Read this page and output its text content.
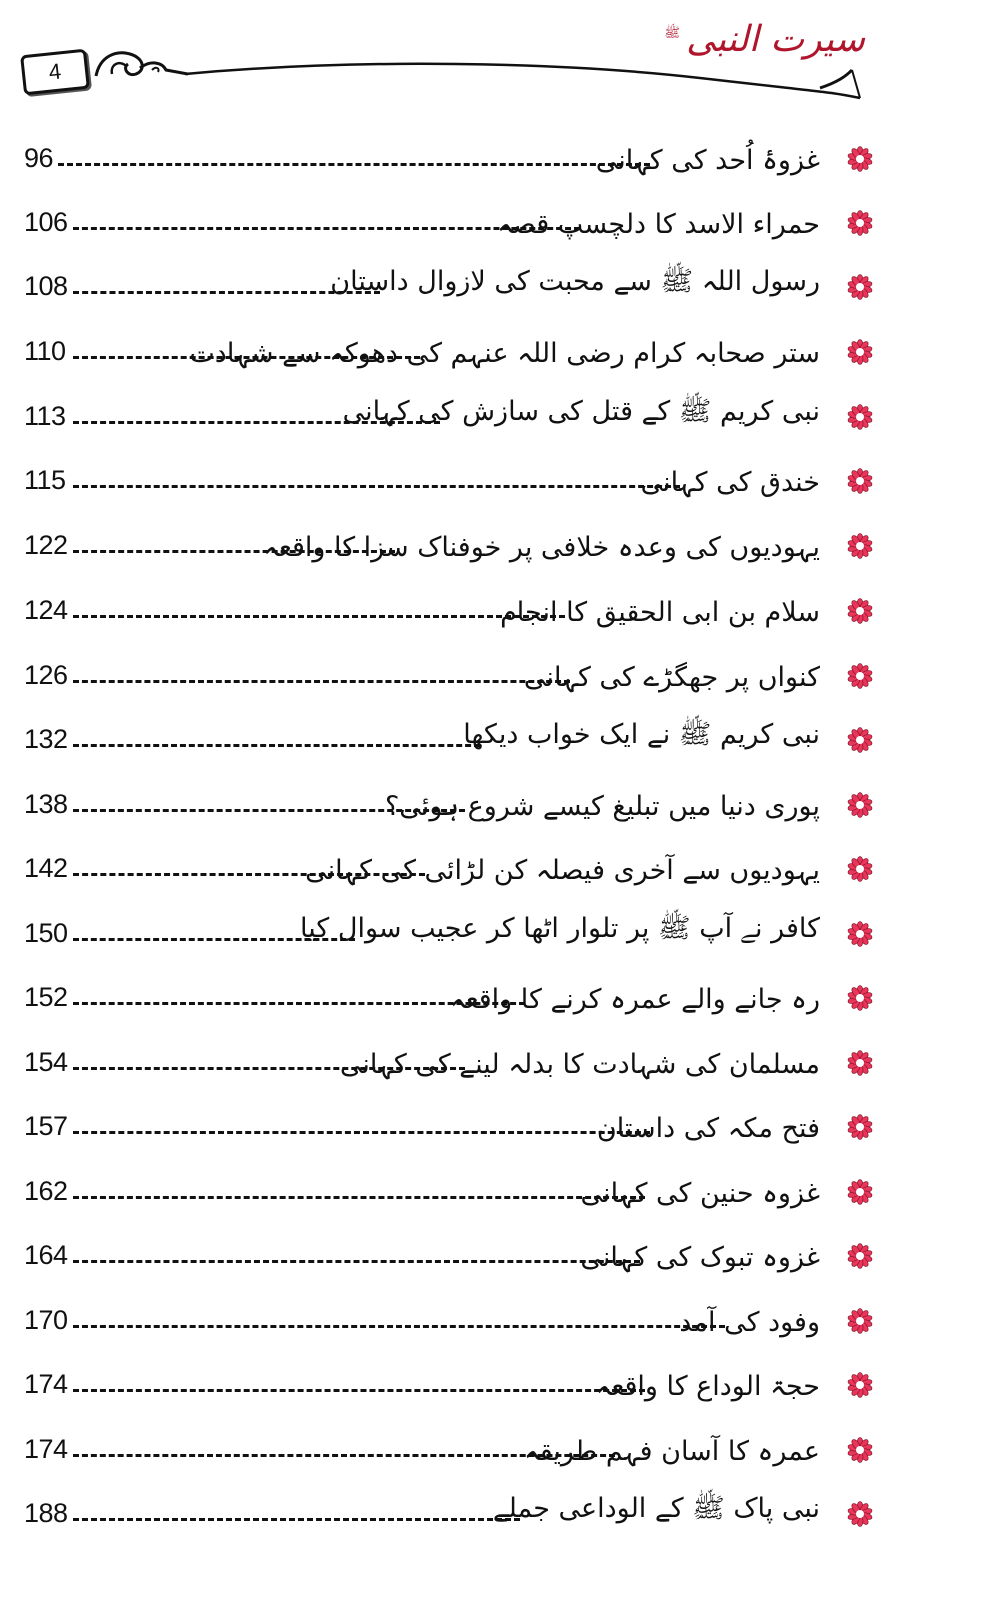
4
سیرت النبی
ﷺ
96	غزوۂ اُحد کی کہانی
106	حمراء الاسد کا دلچسپ قصہ
108	رسول اللہ ﷺ سے محبت کی لازوال داستان
110	ستر صحابہ کرام رضی اللہ عنہم کی دھوکہ سے شہادت
113	نبی کریم ﷺ کے قتل کی سازش کی کہانی
115	خندق کی کہانی
122	یہودیوں کی وعدہ خلافی پر خوفناک سزا کا واقعہ
124	سلام بن ابی الحقیق کا انجام
126	کنواں پر جھگڑے کی کہانی
132	نبی کریم ﷺ نے ایک خواب دیکھا
138	پوری دنیا میں تبلیغ کیسے شروع ہوئی؟
142	یہودیوں سے آخری فیصلہ کن لڑائی کی کہانی
150	کافر نے آپ ﷺ پر تلوار اٹھا کر عجیب سوال کیا
152	رہ جانے والے عمرہ کرنے کا واقعہ
154	مسلمان کی شہادت کا بدلہ لینے کی کہانی
157	فتح مکہ کی داستان
162	غزوہ حنین کی کہانی
164	غزوہ تبوک کی کہانی
170	وفود کی آمد
174	حجۃ الوداع کا واقعہ
174	عمرہ کا آسان فہم طریقہ
188	نبی پاک ﷺ کے الوداعی جملے
